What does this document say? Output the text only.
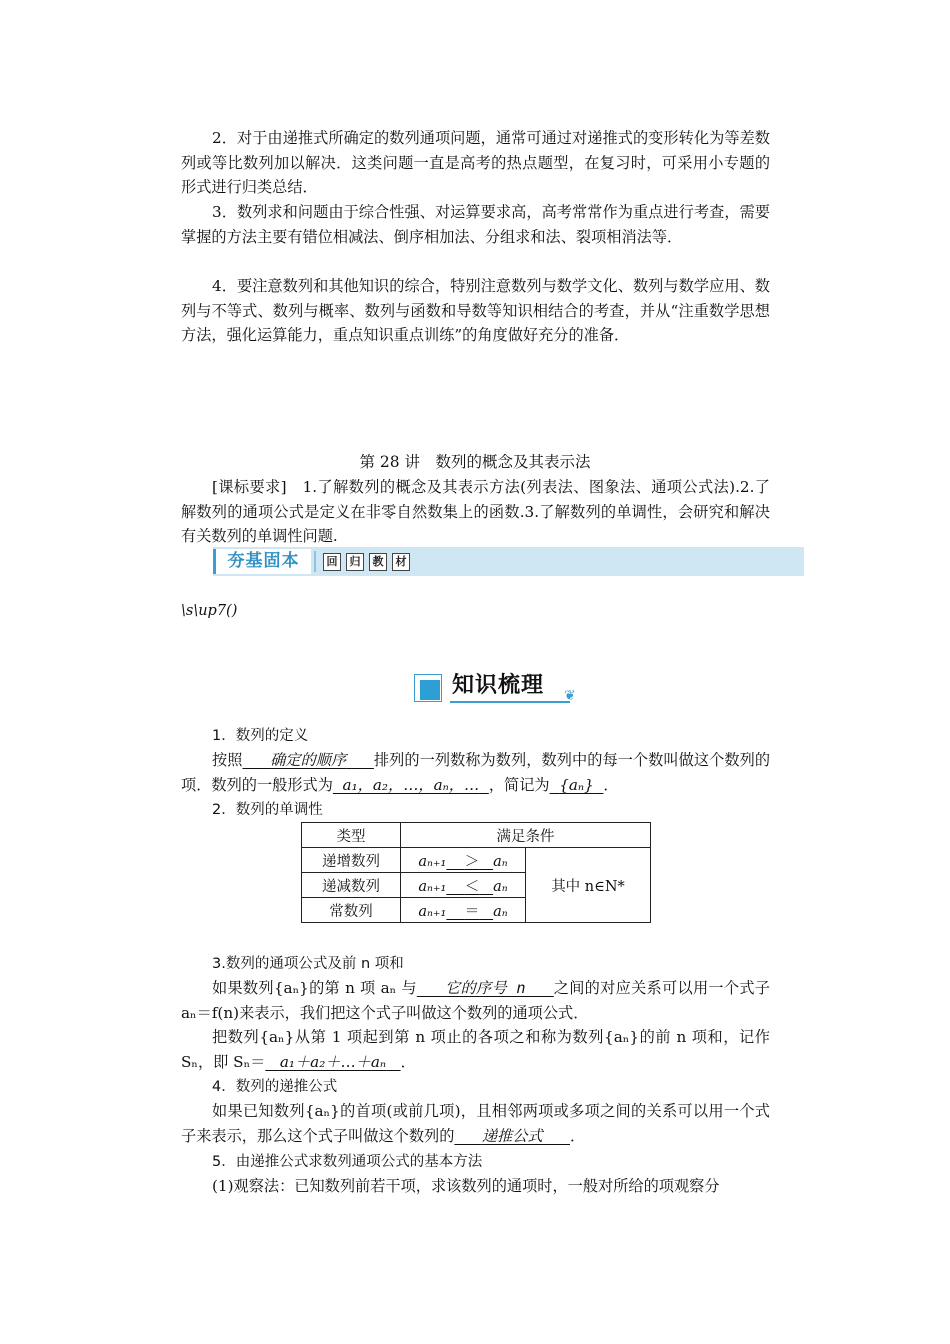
2．对于由递推式所确定的数列通项问题，通常可通过对递推式的变形转化为等差数列或等比数列加以解决．这类问题一直是高考的热点题型，在复习时，可采用小专题的形式进行归类总结．
3．数列求和问题由于综合性强、对运算要求高，高考常常作为重点进行考查，需要掌握的方法主要有错位相减法、倒序相加法、分组求和法、裂项相消法等．
4．要注意数列和其他知识的综合，特别注意数列与数学文化、数列与数学应用、数列与不等式、数列与概率、数列与函数和导数等知识相结合的考查，并从“注重数学思想方法，强化运算能力，重点知识重点训练”的角度做好充分的准备．
第 28 讲　数列的概念及其表示法
[课标要求]　1.了解数列的概念及其表示方法(列表法、图象法、通项公式法).2.了解数列的通项公式是定义在非零自然数集上的函数.3.了解数列的单调性，会研究和解决有关数列的单调性问题.
夯基固本	回	归	教	材
\s\up7()
知识梳理 ❦
1．数列的定义
按照 确定的顺序 排列的一列数称为数列，数列中的每一个数叫做这个数列的项．数列的一般形式为 a₁，a₂，…，aₙ，… ，简记为 {aₙ} ．
2．数列的单调性
类型	满足条件	
递增数列	aₙ₊₁ ＞ aₙ	其中 n∈N*
递减数列	aₙ₊₁ ＜ aₙ	
常数列	aₙ₊₁ ＝ aₙ	
3.数列的通项公式及前 n 项和
如果数列{aₙ}的第 n 项 aₙ 与 它的序号 n 之间的对应关系可以用一个式子 aₙ＝f(n)来表示，我们把这个式子叫做这个数列的通项公式．
把数列{aₙ}从第 1 项起到第 n 项止的各项之和称为数列{aₙ}的前 n 项和，记作 Sₙ，即 Sₙ＝ a₁＋a₂＋…＋aₙ ．
4．数列的递推公式
如果已知数列{aₙ}的首项(或前几项)，且相邻两项或多项之间的关系可以用一个式子来表示，那么这个式子叫做这个数列的 递推公式 ．
5．由递推公式求数列通项公式的基本方法
(1)观察法：已知数列前若干项，求该数列的通项时，一般对所给的项观察分
